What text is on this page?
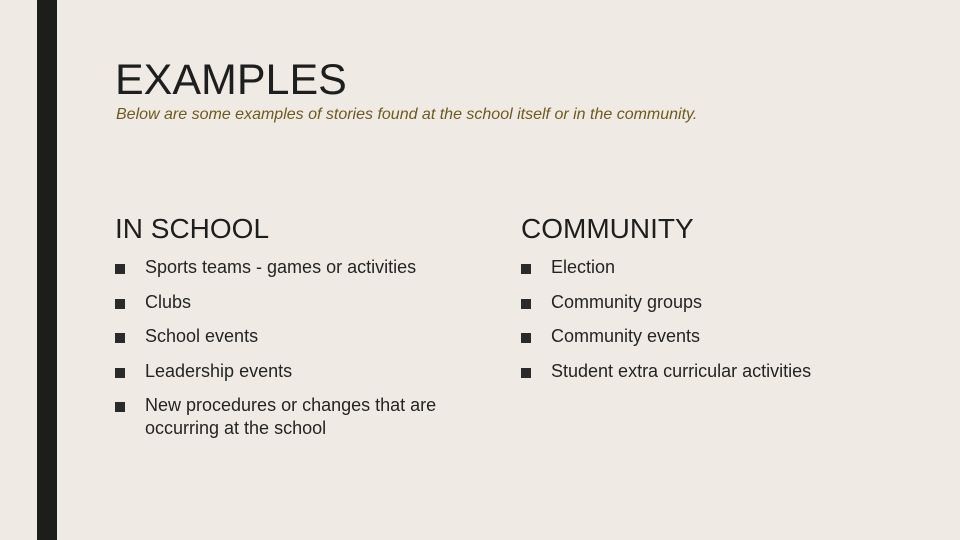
EXAMPLES

Below are some examples of stories found at the school itself or in the community.

IN SCHOOL
Sports teams - games or activities
Clubs
School events
Leadership events
New procedures or changes that are occurring at the school
COMMUNITY
Election
Community groups
Community events
Student extra curricular activities
